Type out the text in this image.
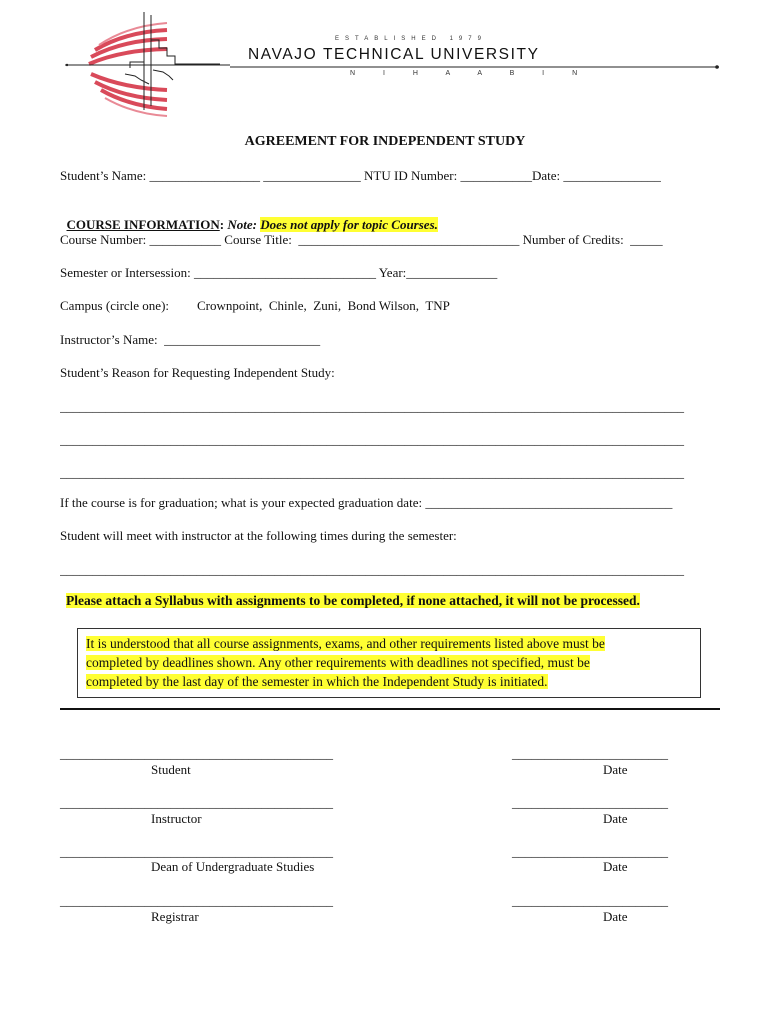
ESTABLISHED 1979
NAVAJO TECHNICAL UNIVERSITY
N I H A A B I N
AGREEMENT FOR INDEPENDENT STUDY
Student’s Name: _________________ _______________ NTU ID Number: ___________Date: _______________

COURSE INFORMATION: Note: Does not apply for topic Courses.

Course Number: ___________ Course Title:  __________________________________ Number of Credits:  _____
Semester or Intersession: ____________________________ Year:______________
Campus (circle one): Crownpoint,  Chinle,  Zuni,  Bond Wilson,  TNP
Instructor’s Name:  ________________________
Student’s Reason for Requesting Independent Study:
________________________________________________________________________________________________
________________________________________________________________________________________________
________________________________________________________________________________________________
If the course is for graduation; what is your expected graduation date: ______________________________________
Student will meet with instructor at the following times during the semester:
________________________________________________________________________________________________
Please attach a Syllabus with assignments to be completed, if none attached, it will not be processed.

It is understood that all course assignments, exams, and other requirements listed above must be

completed by deadlines shown. Any other requirements with deadlines not specified, must be

completed by the last day of the semester in which the Independent Study is initiated.

__________________________________________	________________________
Student	Date
__________________________________________	________________________
Instructor	Date
__________________________________________	________________________
Dean of Undergraduate Studies	Date
__________________________________________	________________________
Registrar	Date
